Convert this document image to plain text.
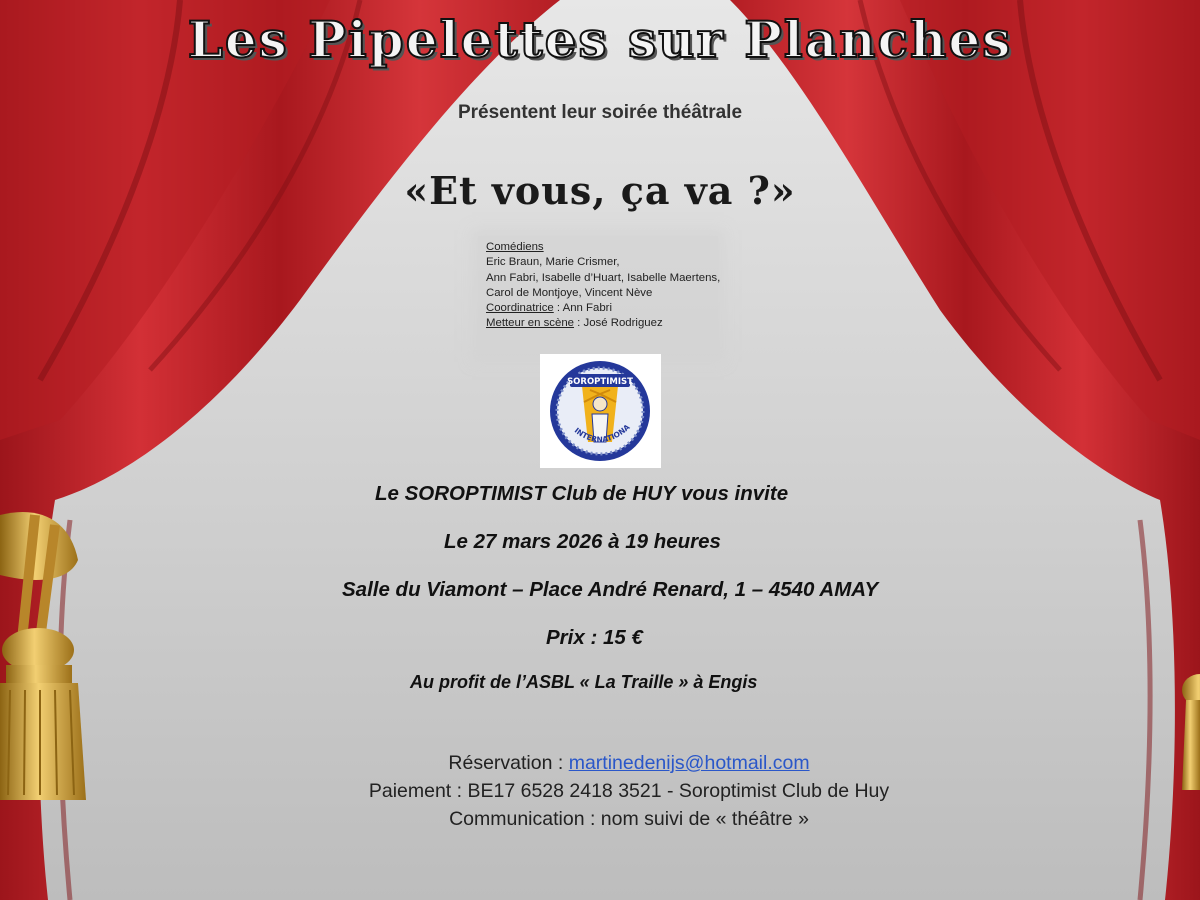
Les Pipelettes sur Planches
Présentent leur soirée théâtrale
«Et vous, ça va ?»
Comédiens
Eric Braun, Marie Crismer,
Ann Fabri, Isabelle d’Huart, Isabelle Maertens,
Carol de Montjoye, Vincent Nève
Coordinatrice : Ann Fabri
Metteur en scène : José Rodriguez
SOROPTIMIST
INTERNATIONA
Le SOROPTIMIST Club de HUY vous invite
Le 27 mars 2026 à 19 heures
Salle du Viamont – Place André Renard, 1 – 4540 AMAY
Prix : 15 €
Au profit de l’ASBL « La Traille » à Engis
Réservation : martinedenijs@hotmail.com
Paiement : BE17 6528 2418 3521 - Soroptimist Club de Huy
Communication : nom suivi de « théâtre »
